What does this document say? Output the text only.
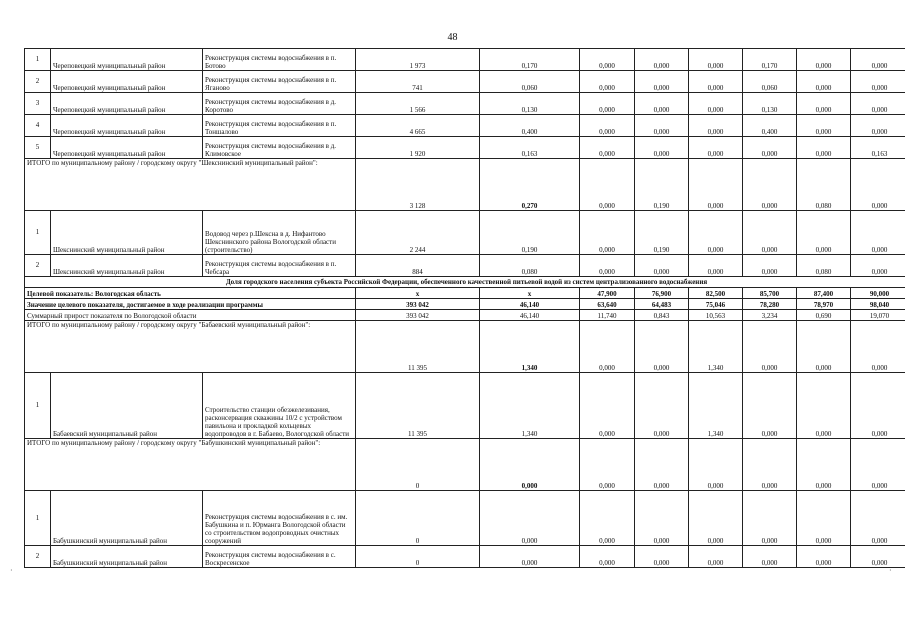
48
1	Череповецкий муниципальный район	Реконструкция системы водоснабжения в п. Ботово	1 973	0,170	0,000	0,000	0,000	0,170	0,000	0,000
2	Череповецкий муниципальный район	Реконструкция системы водоснабжения в п. Ягановo	741	0,060	0,000	0,000	0,000	0,060	0,000	0,000
3	Череповецкий муниципальный район	Реконструкция системы водоснабжения в д. Коротово	1 566	0,130	0,000	0,000	0,000	0,130	0,000	0,000
4	Череповецкий муниципальный район	Реконструкция системы водоснабжения в п. Тоншалово	4 665	0,400	0,000	0,000	0,000	0,400	0,000	0,000
5	Череповецкий муниципальный район	Реконструкция системы водоснабжения в д. Климовское	1 920	0,163	0,000	0,000	0,000	0,000	0,000	0,163
ИТОГО по муниципальному району / городскому округу "Шекснинский муниципальный район":			3 128	0,270	0,000	0,190	0,000	0,000	0,080	0,000
1	Шекснинский муниципальный район	Водовод через р.Шексна в д. Нифантово Шекснинского района Вологодской области (строительство)	2 244	0,190	0,000	0,190	0,000	0,000	0,000	0,000
2	Шекснинский муниципальный район	Реконструкция системы водоснабжения в п. Чебсара	884	0,080	0,000	0,000	0,000	0,000	0,080	0,000
Доля городского населения субъекта Российской Федерации, обеспеченного качественной питьевой водой из систем централизованного водоснабжения										
Целевой показатель: Вологодская область			x	x	47,900	76,900	82,500	85,700	87,400	90,000
Значение целевого показателя, достигаемое в ходе реализации программы			393 042	46,140	63,640	64,483	75,046	78,280	78,970	98,040
Суммарный прирост показателя по Вологодской области			393 042	46,140	11,740	0,843	10,563	3,234	0,690	19,070
ИТОГО по муниципальному району / городскому округу "Бабаевский муниципальный район":			11 395	1,340	0,000	0,000	1,340	0,000	0,000	0,000
1	Бабаевский муниципальный район	Строительство станции обезжелезивания, расконсервация скважины 10/2 с устройством павильона и прокладкой кольцевых водопроводов в г. Бабаево, Вологодской области	11 395	1,340	0,000	0,000	1,340	0,000	0,000	0,000
ИТОГО по муниципальному району / городскому округу "Бабушкинский муниципальный район":			0	0,000	0,000	0,000	0,000	0,000	0,000	0,000
1	Бабушкинский муниципальный район	Реконструкция системы водоснабжения в с. им. Бабушкина и п. Юрманга Вологодской области со строительством водопроводных очистных сооружений	0	0,000	0,000	0,000	0,000	0,000	0,000	0,000
2	Бабушкинский муниципальный район	Реконструкция системы водоснабжения в с. Воскресенское	0	0,000	0,000	0,000	0,000	0,000	0,000	0,000
·	·
